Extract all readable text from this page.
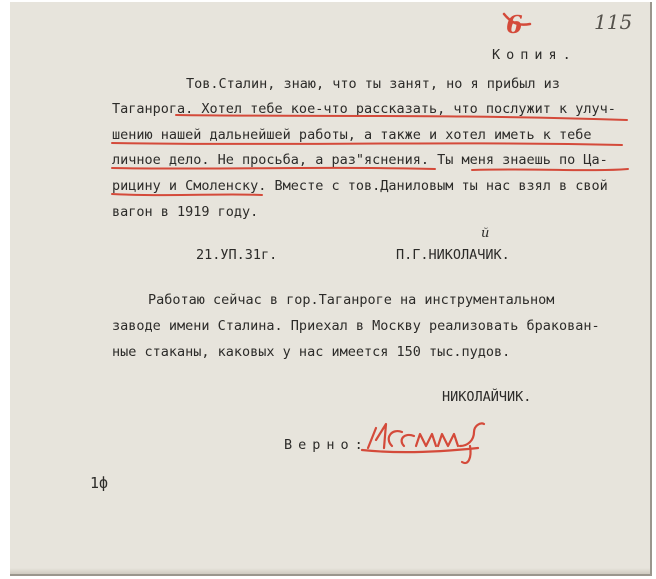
115
6
Копия.
Тов.Сталин, знаю, что ты занят, но я прибыл из
Таганрога. Хотел тебе кое-что рассказать, что послужит к улуч-
шению нашей дальнейшей работы, а также и хотел иметь к тебе
личное дело. Не просьба, а раз"яснения. Ты меня знаешь по Ца-
рицину и Смоленску. Вместе с тов.Даниловым ты нас взял в свой
вагон в 1919 году.
21.УП.31г.	П.Г.НИКОЛАЧИК.
й
Работаю сейчас в гор.Таганроге на инструментальном
заводе имени Сталина. Приехал в Москву реализовать бракован-
ные стаканы, каковых у нас имеется 150 тыс.пудов.
НИКОЛАЙЧИК.
Верно:
1ф
